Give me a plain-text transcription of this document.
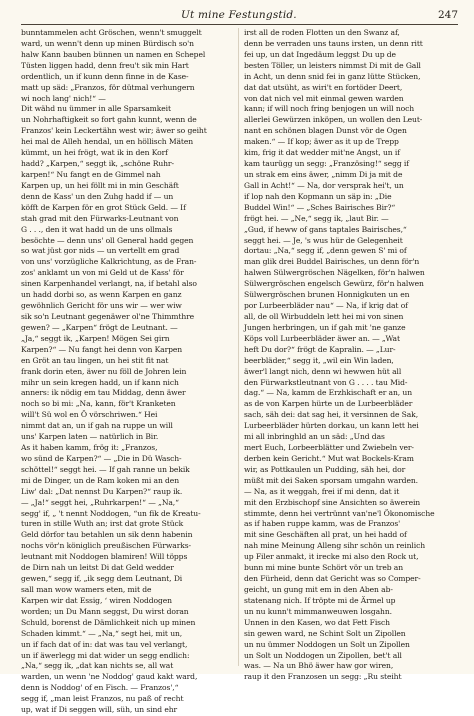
Ut mine Festungstid.	247
bunntammelen acht Gröschen, wenn't smuggelt
ward, un wenn't denn up minen Bürdisch so'n
halw Kann bauben bünnen un namen en Schepel
Tüsten liggen hadd, denn freu't sik min Hart
ordentlich, un if kunn denn finne in de Kase-
matt up säd: „Franzos, för dütmal verhungern
wi noch lang' nich!“ —
Dit wähd nu ümmer in alle Sparsamkeit
un Nohrhaftigkeit so fort gahn kunnt, wenn de
Franzos' kein Leckertähn west wir; äwer so geiht
hei mal de Alleh hendal, un en höllisch Mäten
kümmt, un hei frögt, wat ik in den Korf
hadd? „Karpen,“ seggt ik, „schöne Ruhr-
karpen!“ Nu fangt en de Gimmel nah
Karpen up, un hei föllt mi in min Geschäft
denn de Kass' un den Zuhg hadd if — un
köfft de Karpen för en grot Stück Geld. — If
stah grad mit den Fürwarks-Leutnant von
G . . ., den it wat hadd un de uns ollmals
besöchte — denn uns' oll General hadd gegen
so wat jüst gor nids — un vertellt em grad
von uns' vorzügliche Kalkrichtung, as de Fran-
zos' anklamt un von mi Geld ut de Kass' för
sinen Karpenhandel verlangt, na, if betahl also
un hadd dorbi so, as wenn Karpen en ganz
gewöhnlich Gericht för uns wir — wer wiw
sik so'n Leutnant gegenäwer ol'ne Thimmthre
gewen? — „Karpen“ frögt de Leutnant. —
„Ja,“ seggt ik, „Karpen! Mögen Sei girn
Karpen?“ — Nu fangt hei denn von Karpen
en Gröt an tau lingen, un hei stit fit nat
frank dorin eten, äwer nu föll de Johren lein
mihr un sein kregen hadd, un if kann nich
anners: ik nödig em tau Middag, denn äwer
noch so bi mi: „Na, kann, för't Kranketen
will't Sü wol en Ö vörschriwen.“ Hei
nimmt dat an, un if gah na ruppe un will
uns' Karpen laten — natürlich in Bir.
As it haben kamm, frög it: „Franzos,
wo sünd de Karpen?“ — „Die in Dü Wasch-
schöttel!“ seggt hei. — If gah ranne un bekik
mi de Dinger, un de Ram koken mi an den
Liw' dal: „Dat nennst Du Karpen?“ raup ik.
— „Ja!“ seggt hei, „Ruhrkarpen!“ — „Na,“
segg' if, „ 't nennt Noddogen, “un fik de Kreatu-
turen in stille Wuth an; irst dat grote Stück
Geld dörfor tau betahlen un sik denn habenin
nochs vör'n königlich preußischen Fürwarks-
leutnant mit Noddogen blamiren! Will töpps
de Dirn nah un leitst Di dat Geld wedder
gewen,“ segg if, „ik segg dem Leutnant, Di
sall man wow wamers eten, mit de
Karpen wir dat Essig, ‘ wiren Noddogen
worden; un Du Mann seggst, Du wirst doran
Schuld, borenst de Dämlichkeit nich up minen
Schaden kimmt.“ — „Na,“ segt hei, mit un,
un if fach dat of in: dat was tau vel verlangt,
un if äwerlegg mi dat wider un segg endlich:
„Na,“ segg ik, „dat kan nichts se, all wat
warden, un wenn 'ne Noddog' gaud kakt ward,
denn is Noddog' of en Fisch. — Franzos',“
segg if, „man leist Franzos, nu paß of recht
up, wat if Di seggen will, süh, un sind ehr
irst all de roden Flotten un den Swanz af,
denn be verraden uns tauns irsten, un denn ritt
fei up, un dat Ingedäum leggst Du up de
besten Töller, un leisters nimmst Di mit de Gall
in Acht, un denn snid fei in ganz lütte Stücken,
dat dat utsüht, as wiri't en fortöder Deert,
von dat nich vel mit einmal gewen warden
kann; if will noch fring benjogen un will noch
allerlei Gewürzen inköpen, un wollen den Leut-
nant en schönen blagen Dunst vör de Ogen
maken.“ — If kop; äwer as it up de Trepp
kim, frig it dat wedder mit'ne Angst, un if
kam taurügg un segg: „Französing!“ segg if
un strak em eins äwer, „nimm Di ja mit de
Gall in Acht!“ — Na, dor versprak hei't, un
if lop nah den Kopmann un säp in: „Die
Buddel Win!“ — „Sches Bairisches Bir?“
frögt hei. — „Ne,“ segg ik, „laut Bir. —
„Gud, if heww of gans taptales Bairisches,“
seggt hei. — Je, 's wus hür de Gelegenheit
dortau: „Na,“ segg if, „denn gewen S' mi of
man glik drei Buddel Bairisches, un denn för'n
halwen Sülwergröschen Nägelken, för'n halwen
Sülwergröschen engelsch Gewürz, för'n halwen
Sülwergröschen brunen Honnigkuten un en
por Lurbeerbläder nau“ — Na, if krig dat of
all, de oll Wirbuddeln lett hei mi von sinen
Jungen herbringen, un if gah mit 'ne ganze
Köps voll Lurbeerbläder äwer an. — „Wat
heft Du dor?“ frögt de Kapralin. — „Lur-
beerbläder,“ segg it, „wil ein Win laden,
äwer'l langt nich, denn wi hewwen hüt all
den Fürwarkstleutnant von G . . . . tau Mid-
dag.“ — Na, kamm de Erzhkischaft er an, un
as de von Karpen hürte un de Lurbeerbläder
sach, säh dei: dat sag hei, it versinnen de Sak,
Lurbeerbläder hürten dorkau, un kann lett hei
mi all inbringhld an un säd: „Und das
mert Euch, Lorbeerblätter und Zwiebeln ver-
derben kein Gericht.“ Mut wat Bockels-Kram
wir, as Pottkaulen un Pudding, säh hei, dor
müßt mit dei Saken sporsam umgahn warden.
— Na, as it weggah, frei if mi denn, dat it
mit den Erzbischopf sine Ansichten so äwerein
stimmte, denn hei vertrünnt van'ne'l Ökonomische
as if haben ruppe kamm, was de Franzos'
mit sine Geschäften all prat, un hei hadd of
nah mine Meinung Alleng sihr schön un reinlich
up Filer anmakt, it irecke mi also den Rock ut,
bunn mi mine bunte Schört vör un treb an
den Fürheid, denn dat Gericht was so Comper-
geicht, un gung mit em in den Aben ab-
statenang nich. If tröpte mi de Ärmel up
un nu kunn't mimmanweuwen losgahn.
Unnen in den Kasen, wo dat Fett Fisch
sin gewen ward, ne Schint Solt un Zipollen
un nu ümmer Noddogen un Solt un Zipollen
un Solt un Noddogen un Zipollen, bet't all
was. — Na un Bhö äwer haw gor wiren,
raup it den Franzosen un segg: „Ru steiht
